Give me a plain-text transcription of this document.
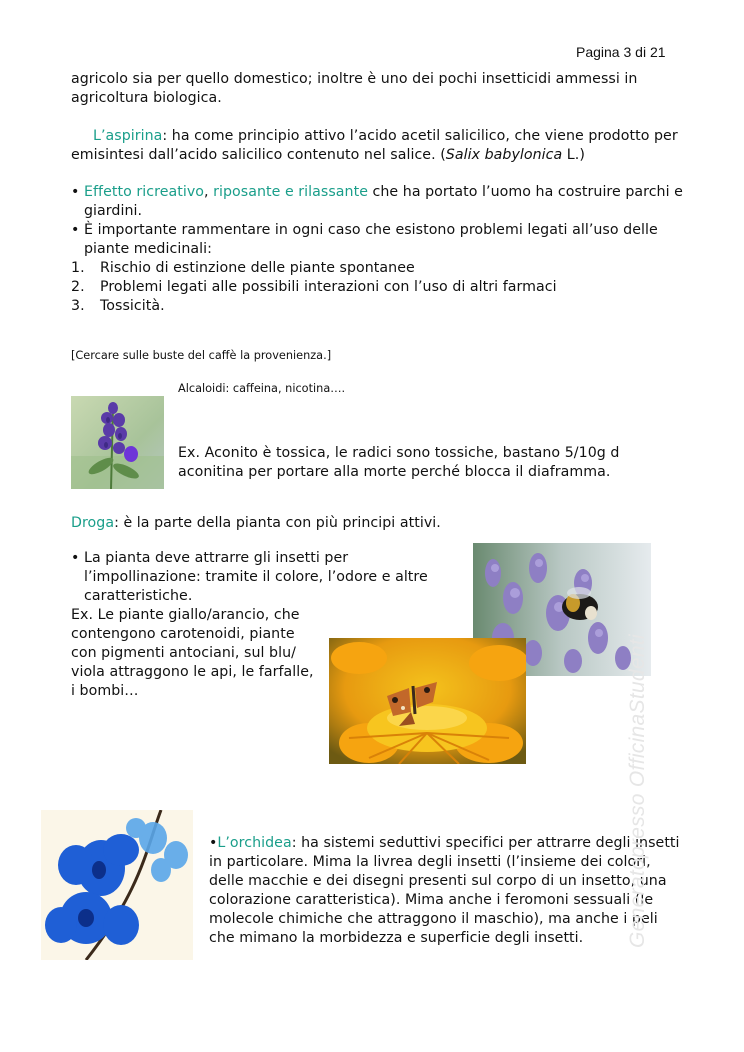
Pagina 3 di 21
agricolo sia per quello domestico; inoltre è uno dei pochi insetticidi ammessi in
agricoltura biologica.
L’aspirina: ha come principio attivo l’acido acetil salicilico, che viene prodotto per
emisintesi dall’acido salicilico contenuto nel salice. (Salix babylonica L.)
• Effetto ricreativo, riposante e rilassante che ha portato l’uomo ha costruire parchi e
giardini.
• È importante rammentare in ogni caso che esistono problemi legati all’uso delle
piante medicinali:
1. Rischio di estinzione delle piante spontanee
2. Problemi legati alle possibili interazioni con l’uso di altri farmaci
3. Tossicità.
[Cercare sulle buste del caffè la provenienza.]
Alcaloidi: caffeina, nicotina….
Ex. Aconito è tossica, le radici sono tossiche, bastano 5/10g d
aconitina per portare alla morte perché blocca il diaframma.
Droga: è la parte della pianta con più principi attivi.
• La pianta deve attrarre gli insetti per
l’impollinazione: tramite il colore, l’odore e altre
caratteristiche.
Ex. Le piante giallo/arancio, che
contengono carotenoidi, piante
con pigmenti antociani, sul blu/
viola attraggono le api, le farfalle,
i bombi…
•L’orchidea: ha sistemi seduttivi specifici per attrarre degli insetti
in particolare. Mima la livrea degli insetti (l’insieme dei colori,
delle macchie e dei disegni presenti sul corpo di un insetto, una
colorazione caratteristica). Mima anche i feromoni sessuali (le
molecole chimiche che attraggono il maschio), ma anche i peli
che mimano la morbidezza e superficie degli insetti.	Generatopresso OfficinaStudenti
